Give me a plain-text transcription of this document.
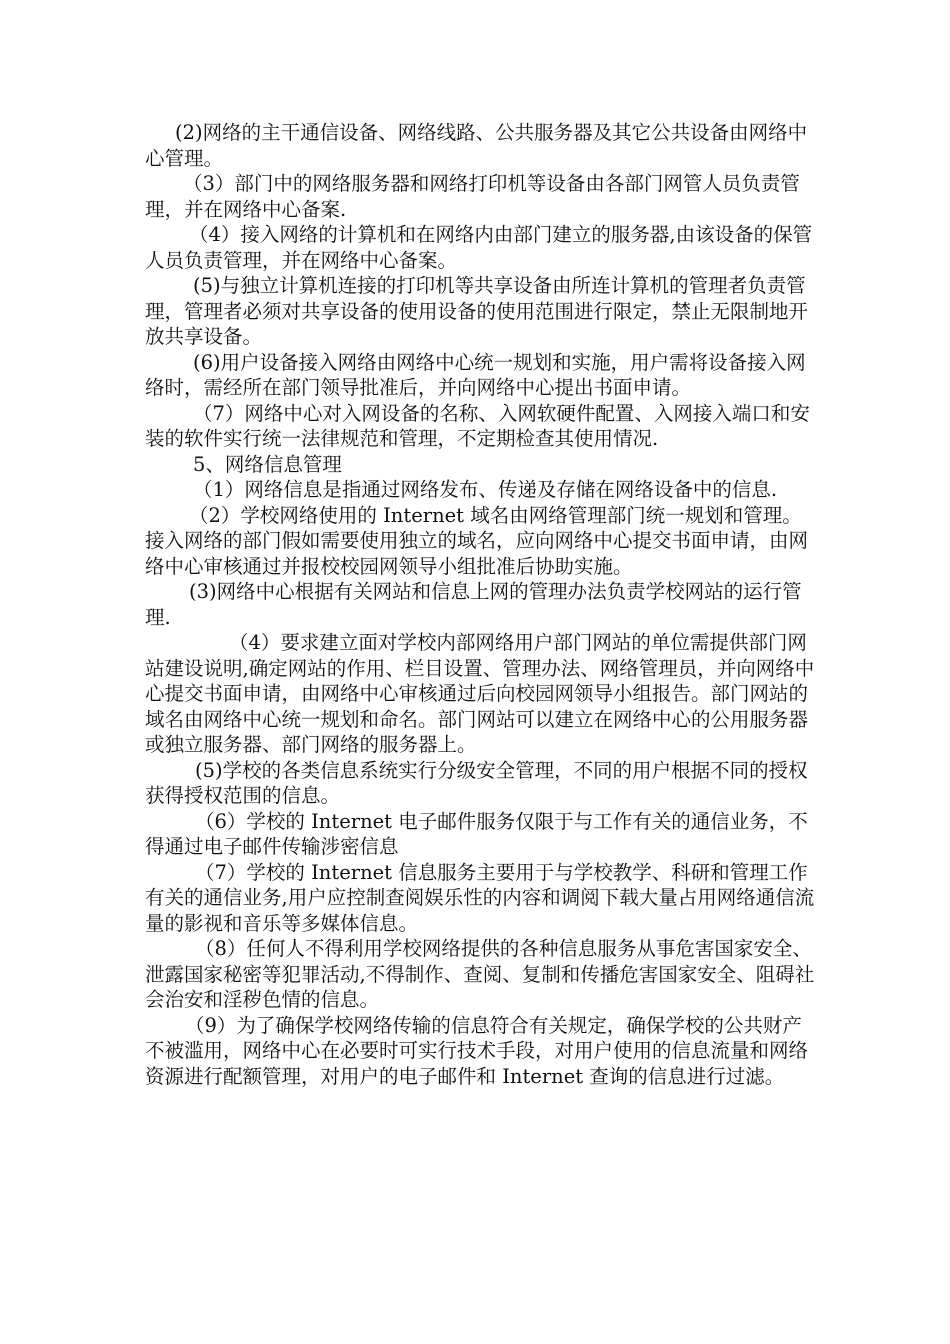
(2)网络的主干通信设备、网络线路、公共服务器及其它公共设备由网络中心管理。

（3）部门中的网络服务器和网络打印机等设备由各部门网管人员负责管理，并在网络中心备案.

（4）接入网络的计算机和在网络内由部门建立的服务器,由该设备的保管人员负责管理，并在网络中心备案。

(5)与独立计算机连接的打印机等共享设备由所连计算机的管理者负责管理，管理者必须对共享设备的使用设备的使用范围进行限定，禁止无限制地开放共享设备。

(6)用户设备接入网络由网络中心统一规划和实施，用户需将设备接入网络时，需经所在部门领导批准后，并向网络中心提出书面申请。

（7）网络中心对入网设备的名称、入网软硬件配置、入网接入端口和安装的软件实行统一法律规范和管理，不定期检查其使用情况.

5、网络信息管理

（1）网络信息是指通过网络发布、传递及存储在网络设备中的信息.

（2）学校网络使用的 Internet 域名由网络管理部门统一规划和管理。接入网络的部门假如需要使用独立的域名，应向网络中心提交书面申请，由网络中心审核通过并报校校园网领导小组批准后协助实施。

(3)网络中心根据有关网站和信息上网的管理办法负责学校网站的运行管理.

（4）要求建立面对学校内部网络用户部门网站的单位需提供部门网站建设说明,确定网站的作用、栏目设置、管理办法、网络管理员，并向网络中心提交书面申请，由网络中心审核通过后向校园网领导小组报告。部门网站的域名由网络中心统一规划和命名。部门网站可以建立在网络中心的公用服务器或独立服务器、部门网络的服务器上。

(5)学校的各类信息系统实行分级安全管理，不同的用户根据不同的授权获得授权范围的信息。

（6）学校的 Internet 电子邮件服务仅限于与工作有关的通信业务，不得通过电子邮件传输涉密信息

（7）学校的 Internet 信息服务主要用于与学校教学、科研和管理工作有关的通信业务,用户应控制查阅娱乐性的内容和调阅下载大量占用网络通信流量的影视和音乐等多媒体信息。

（8）任何人不得利用学校网络提供的各种信息服务从事危害国家安全、泄露国家秘密等犯罪活动,不得制作、查阅、复制和传播危害国家安全、阻碍社会治安和淫秽色情的信息。

（9）为了确保学校网络传输的信息符合有关规定，确保学校的公共财产不被滥用，网络中心在必要时可实行技术手段，对用户使用的信息流量和网络资源进行配额管理，对用户的电子邮件和 Internet 查询的信息进行过滤。
